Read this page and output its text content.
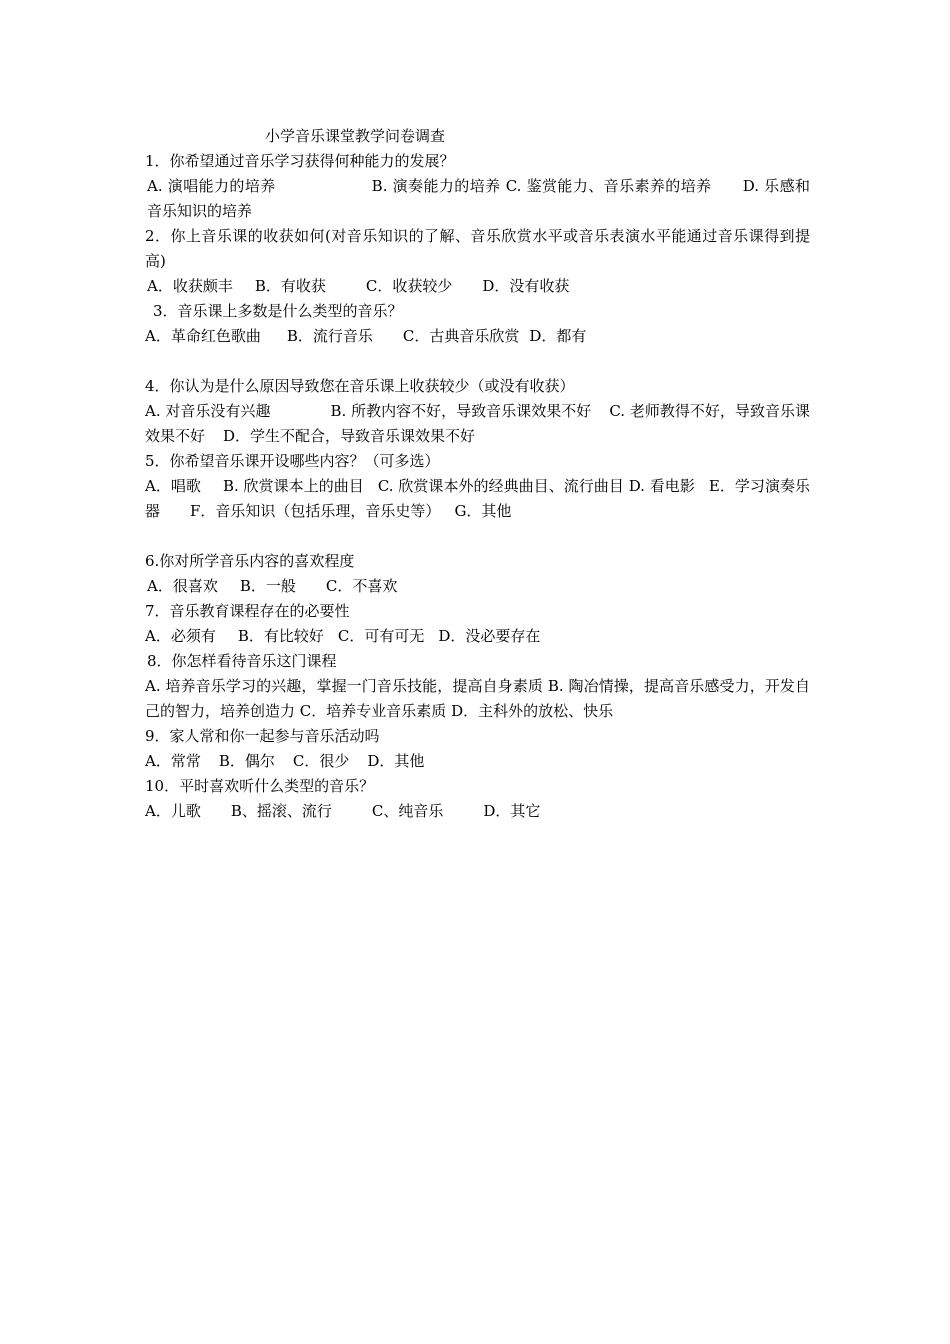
小学音乐课堂教学问卷调查
1．你希望通过音乐学习获得何种能力的发展？
A. 演唱能力的培养	B. 演奏能力的培养 C. 鉴赏能力、音乐素养的培养 D. 乐感和音乐知识的培养
2．你上音乐课的收获如何(对音乐知识的了解、音乐欣赏水平或音乐表演水平能通过音乐课得到提高)
A．收获颇丰 B．有收获	C．收获较少 D．没有收获
3．音乐课上多数是什么类型的音乐？
A．革命红色歌曲 B．流行音乐 C．古典音乐欣赏 D．都有
4．你认为是什么原因导致您在音乐课上收获较少（或没有收获）
A. 对音乐没有兴趣	B. 所教内容不好，导致音乐课效果不好 C. 老师教得不好，导致音乐课效果不好 D．学生不配合，导致音乐课效果不好
5．你希望音乐课开设哪些内容？（可多选）
A．唱歌 B. 欣赏课本上的曲目 C. 欣赏课本外的经典曲目、流行曲目 D. 看电影 E．学习演奏乐器 F．音乐知识（包括乐理，音乐史等） G．其他
6.你对所学音乐内容的喜欢程度
A．很喜欢 B．一般 C．不喜欢
7．音乐教育课程存在的必要性
A．必须有 B．有比较好 C．可有可无 D．没必要存在
8．你怎样看待音乐这门课程
A. 培养音乐学习的兴趣，掌握一门音乐技能，提高自身素质 B. 陶冶情操，提高音乐感受力，开发自己的智力，培养创造力 C．培养专业音乐素质 D．主科外的放松、快乐
9．家人常和你一起参与音乐活动吗
A．常常 B．偶尔 C．很少 D．其他
10．平时喜欢听什么类型的音乐？
A．儿歌 B、摇滚、流行	C、纯音乐	D．其它
